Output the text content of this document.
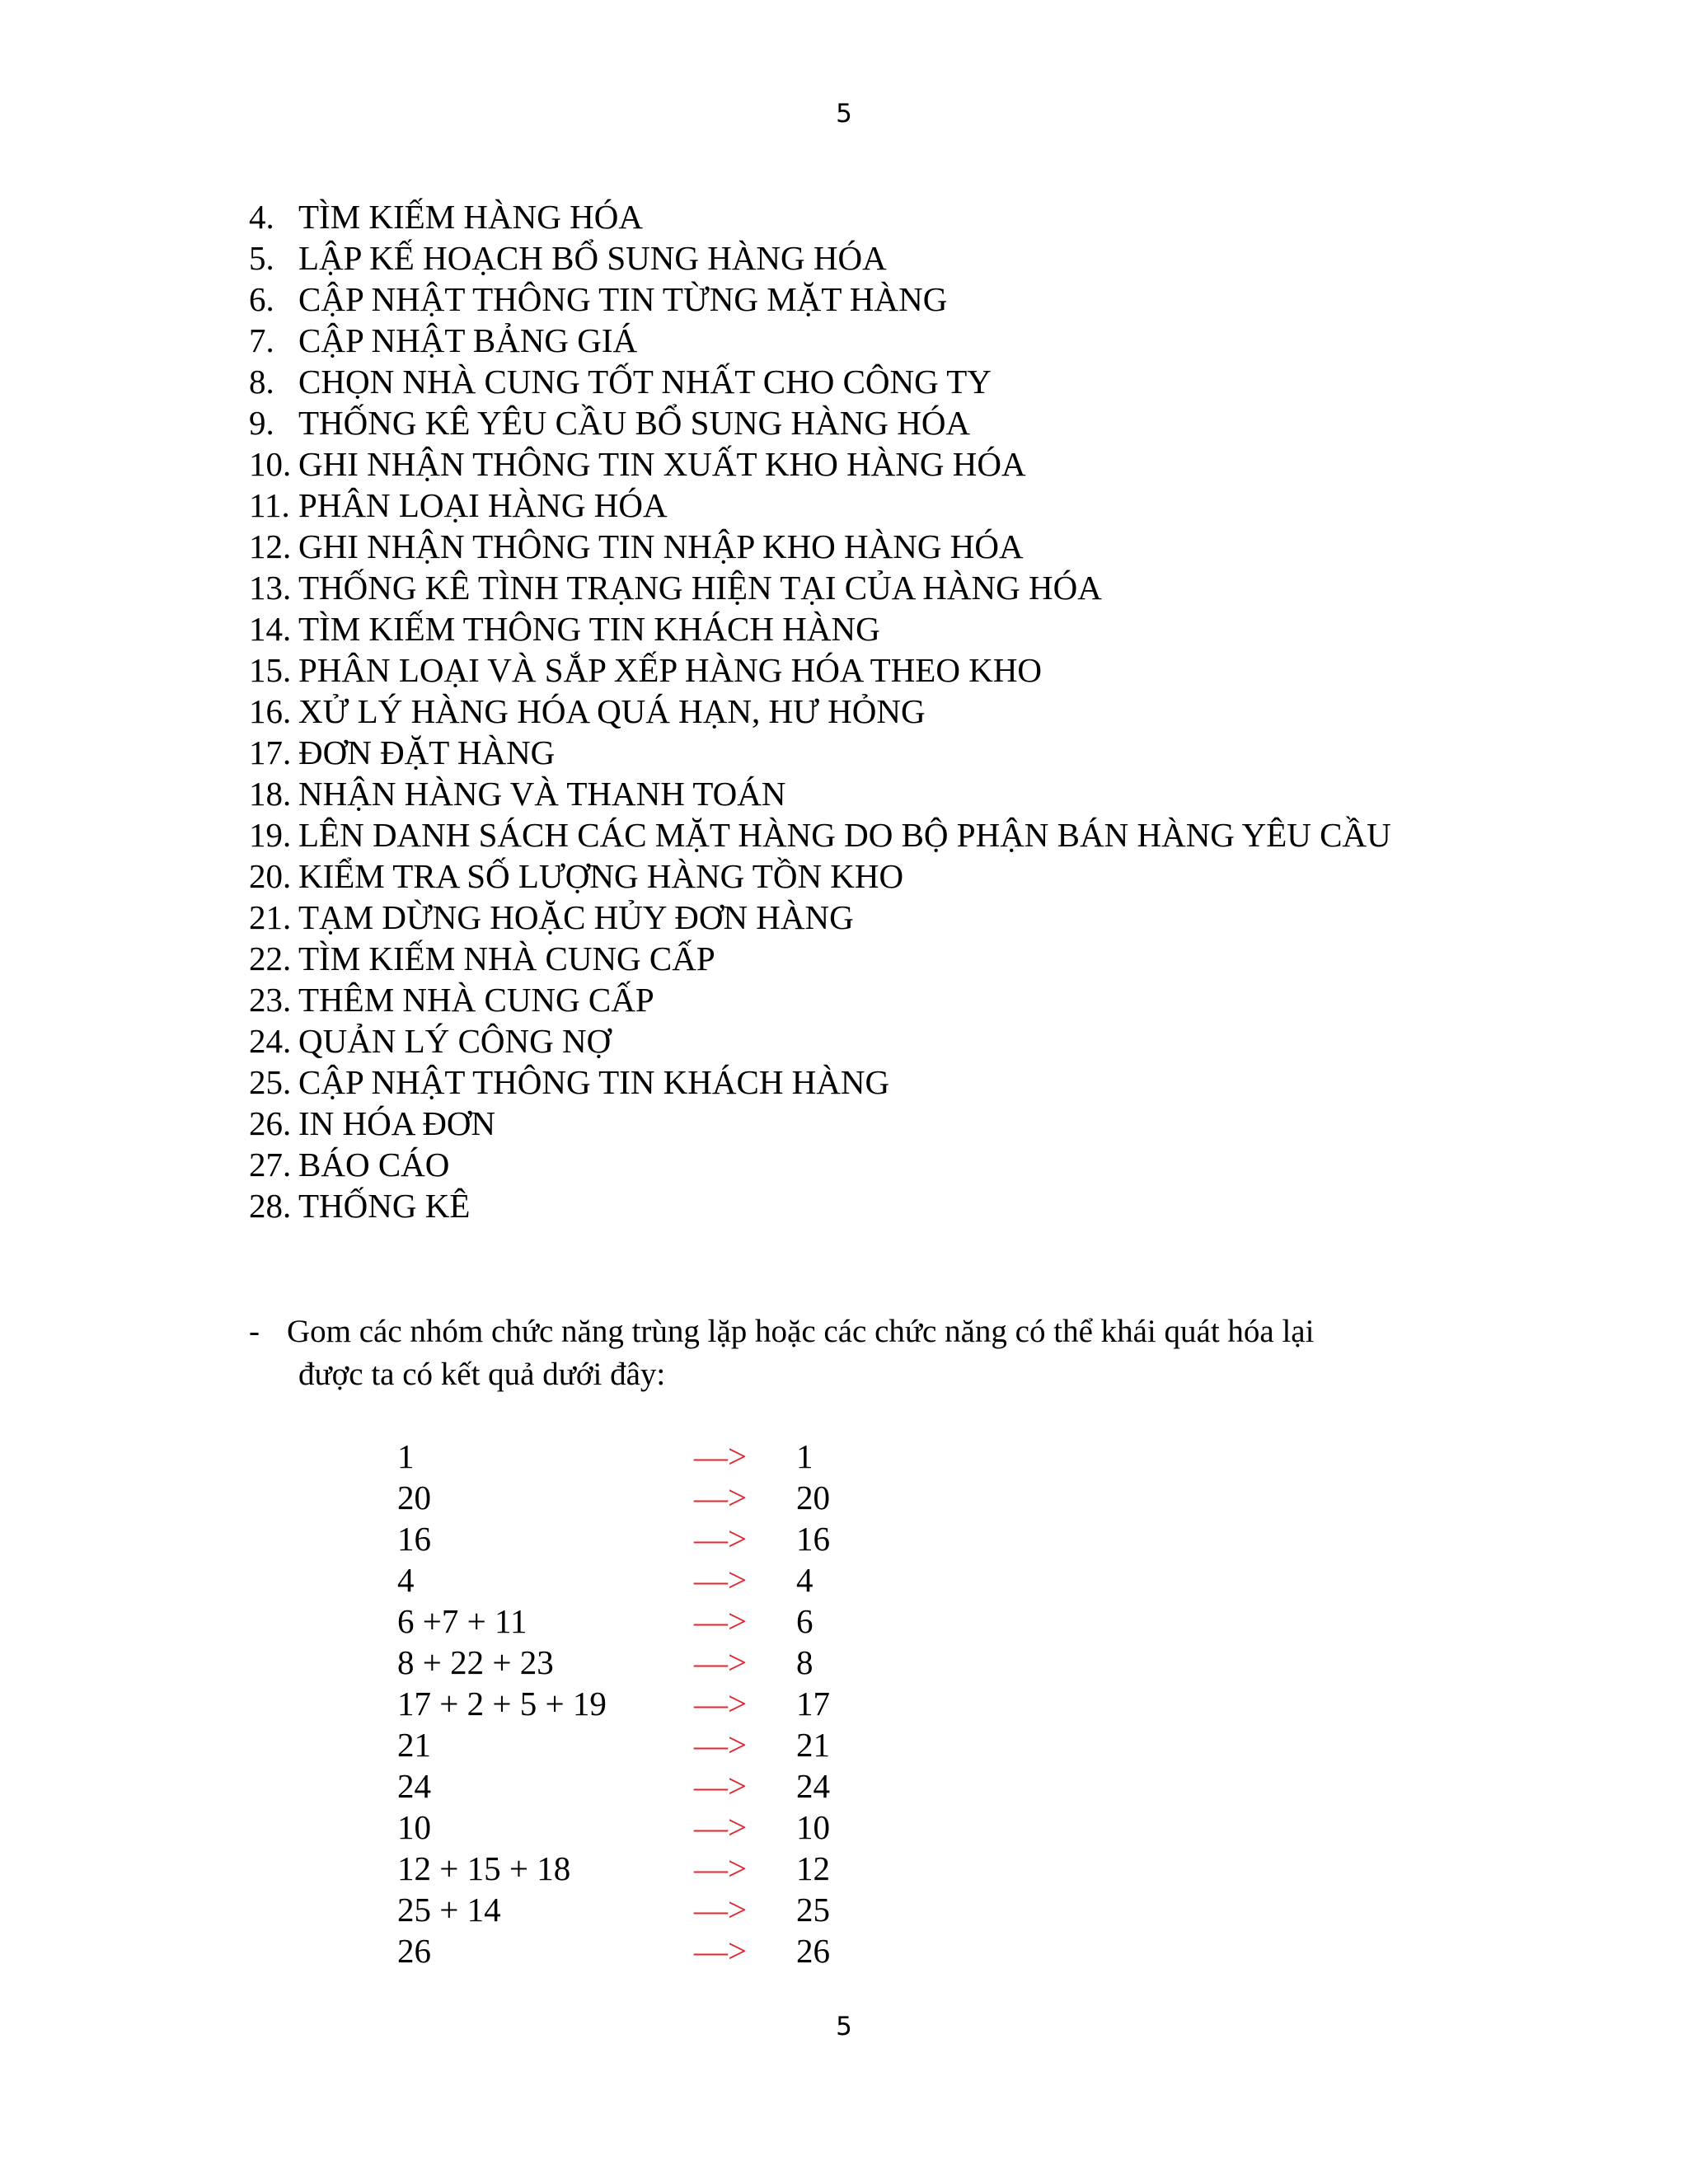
5
4. TÌM KIẾM HÀNG HÓA
5. LẬP KẾ HOẠCH BỔ SUNG HÀNG HÓA
6. CẬP NHẬT THÔNG TIN TỪNG MẶT HÀNG
7. CẬP NHẬT BẢNG GIÁ
8. CHỌN NHÀ CUNG TỐT NHẤT CHO CÔNG TY
9. THỐNG KÊ YÊU CẦU BỔ SUNG HÀNG HÓA
10. GHI NHẬN THÔNG TIN XUẤT KHO HÀNG HÓA
11. PHÂN LOẠI HÀNG HÓA
12. GHI NHẬN THÔNG TIN NHẬP KHO HÀNG HÓA
13. THỐNG KÊ TÌNH TRẠNG HIỆN TẠI CỦA HÀNG HÓA
14. TÌM KIẾM THÔNG TIN KHÁCH HÀNG
15. PHÂN LOẠI VÀ SẮP XẾP HÀNG HÓA THEO KHO
16. XỬ LÝ HÀNG HÓA QUÁ HẠN, HƯ HỎNG
17. ĐƠN ĐẶT HÀNG
18. NHẬN HÀNG VÀ THANH TOÁN
19. LÊN DANH SÁCH CÁC MẶT HÀNG DO BỘ PHẬN BÁN HÀNG YÊU CẦU
20. KIỂM TRA SỐ LƯỢNG HÀNG TỒN KHO
21. TẠM DỪNG HOẶC HỦY ĐƠN HÀNG
22. TÌM KIẾM NHÀ CUNG CẤP
23. THÊM NHÀ CUNG CẤP
24. QUẢN LÝ CÔNG NỢ
25. CẬP NHẬT THÔNG TIN KHÁCH HÀNG
26. IN HÓA ĐƠN
27. BÁO CÁO
28. THỐNG KÊ
- Gom các nhóm chức năng trùng lặp hoặc các chức năng có thể khái quát hóa lại
được ta có kết quả dưới đây:
1	—> 1
20	—> 20
16	—> 16
4	—> 4
6 +7 + 11	—> 6
8 + 22 + 23	—> 8
17 + 2 + 5 + 19	—> 17
21	—> 21
24	—> 24
10	—> 10
12 + 15 + 18	—> 12
25 + 14	—> 25
26	—> 26
5
